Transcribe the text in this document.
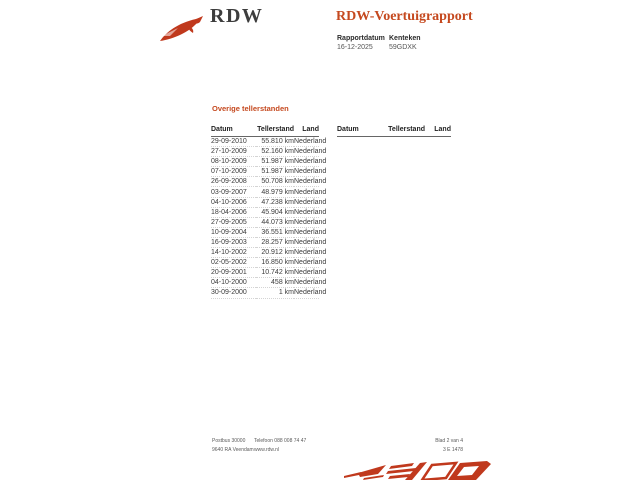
RDW	RDW-Voertuigrapport
Rapportdatum
16-12-2025
Kenteken
59GDXK
Overige tellerstanden
Datum	Tellerstand	Land
29-09-2010	55.810 km	Nederland
27-10-2009	52.160 km	Nederland
08-10-2009	51.987 km	Nederland
07-10-2009	51.987 km	Nederland
26-09-2008	50.708 km	Nederland
03-09-2007	48.979 km	Nederland
04-10-2006	47.238 km	Nederland
18-04-2006	45.904 km	Nederland
27-09-2005	44.073 km	Nederland
10-09-2004	36.551 km	Nederland
16-09-2003	28.257 km	Nederland
14-10-2002	20.912 km	Nederland
02-05-2002	16.850 km	Nederland
20-09-2001	10.742 km	Nederland
04-10-2000	458 km	Nederland
30-09-2000	1 km	Nederland
Datum	Tellerstand	Land
Postbus 30000
9640 RA Veendam
Telefoon 088 008 74 47
www.rdw.nl
Blad 2 van 4
3 E 1478
